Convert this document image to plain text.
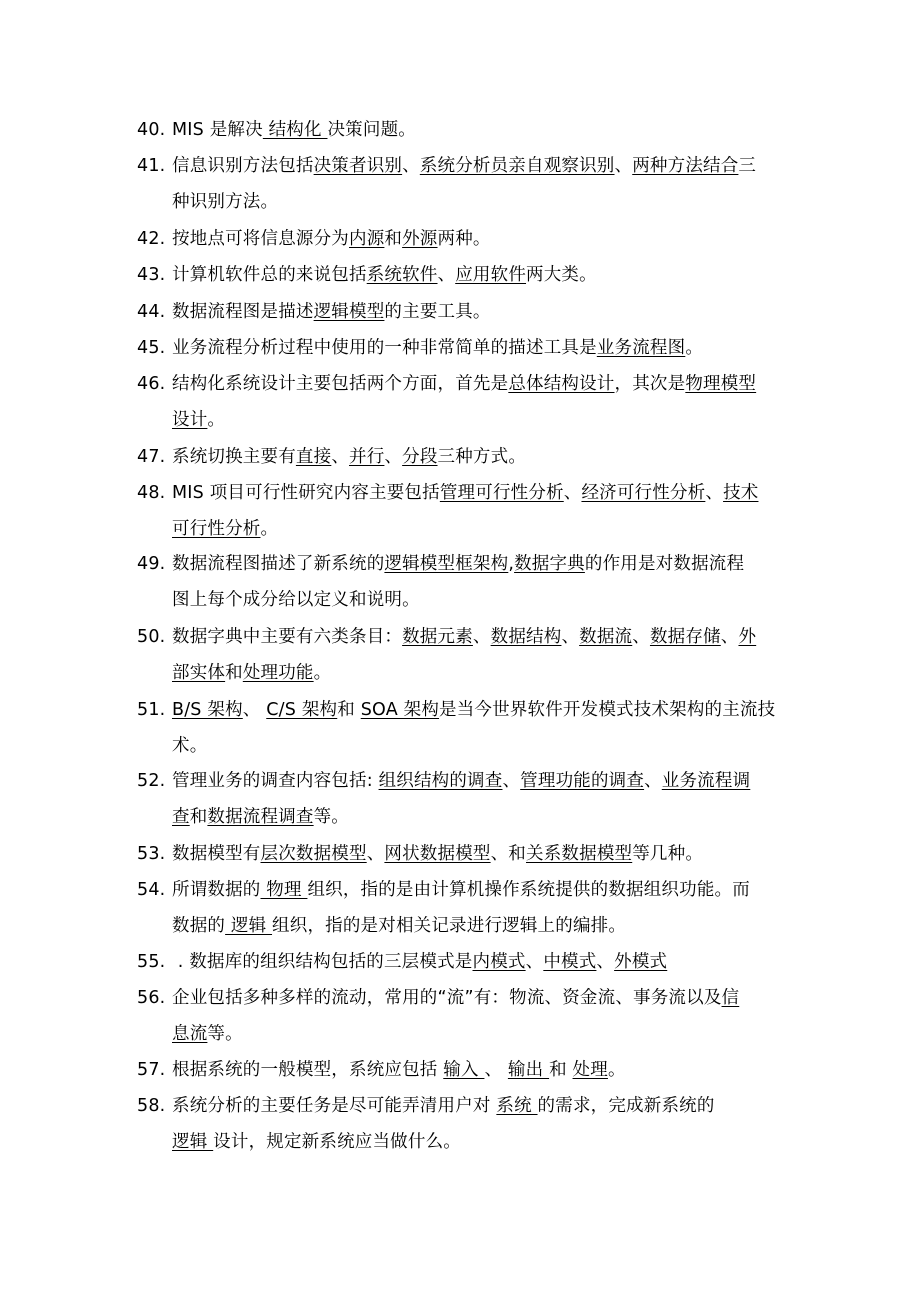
40. MIS 是解决 结构化 决策问题。
41. 信息识别方法包括决策者识别、系统分析员亲自观察识别、两种方法结合三
种识别方法。
42. 按地点可将信息源分为内源和外源两种。
43. 计算机软件总的来说包括系统软件、应用软件两大类。
44. 数据流程图是描述逻辑模型的主要工具。
45. 业务流程分析过程中使用的一种非常简单的描述工具是业务流程图。
46. 结构化系统设计主要包括两个方面，首先是总体结构设计，其次是物理模型
设计。
47. 系统切换主要有直接、并行、分段三种方式。
48. MIS 项目可行性研究内容主要包括管理可行性分析、经济可行性分析、技术
可行性分析。
49. 数据流程图描述了新系统的逻辑模型框架构,数据字典的作用是对数据流程
图上每个成分给以定义和说明。
50. 数据字典中主要有六类条目：数据元素、数据结构、数据流、数据存储、外
部实体和处理功能。
51. B/S 架构、 C/S 架构和 SOA 架构是当今世界软件开发模式技术架构的主流技
术。
52. 管理业务的调查内容包括: 组织结构的调查、管理功能的调查、业务流程调
查和数据流程调查等。
53. 数据模型有层次数据模型、网状数据模型、和关系数据模型等几种。
54. 所谓数据的 物理 组织，指的是由计算机操作系统提供的数据组织功能。而
数据的 逻辑 组织，指的是对相关记录进行逻辑上的编排。
55. . 数据库的组织结构包括的三层模式是内模式、中模式、外模式
56. 企业包括多种多样的流动，常用的“流”有：物流、资金流、事务流以及信
息流等。
57. 根据系统的一般模型，系统应包括 输入 、 输出 和 处理。
58. 系统分析的主要任务是尽可能弄清用户对 系统 的需求，完成新系统的
逻辑 设计，规定新系统应当做什么。
